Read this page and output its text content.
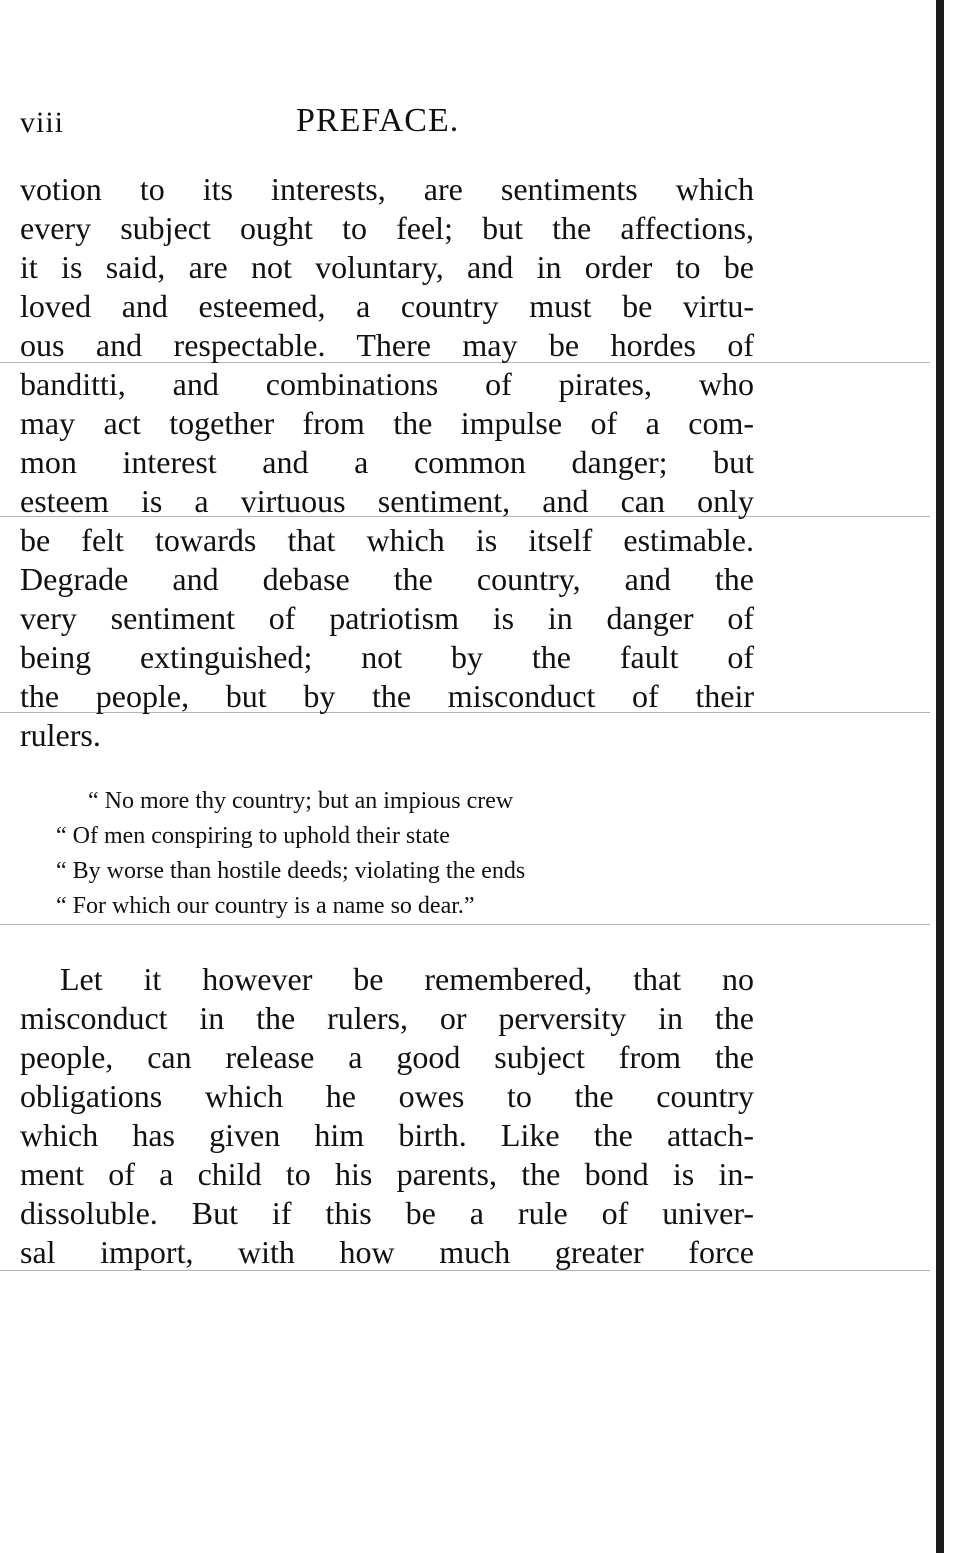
viii	PREFACE.
votion to its interests, are sentiments which
every subject ought to feel; but the affections,
it is said, are not voluntary, and in order to be
loved and esteemed, a country must be virtu-
ous and respectable. There may be hordes of
banditti, and combinations of pirates, who
may act together from the impulse of a com-
mon interest and a common danger; but
esteem is a virtuous sentiment, and can only
be felt towards that which is itself estimable.
Degrade and debase the country, and the
very sentiment of patriotism is in danger of
being extinguished; not by the fault of
the people, but by the misconduct of their
rulers.
“ No more thy country; but an impious crew
“ Of men conspiring to uphold their state
“ By worse than hostile deeds; violating the ends
“ For which our country is a name so dear.”
Let it however be remembered, that no
misconduct in the rulers, or perversity in the
people, can release a good subject from the
obligations which he owes to the country
which has given him birth. Like the attach-
ment of a child to his parents, the bond is in-
dissoluble. But if this be a rule of univer-
sal import, with how much greater force
